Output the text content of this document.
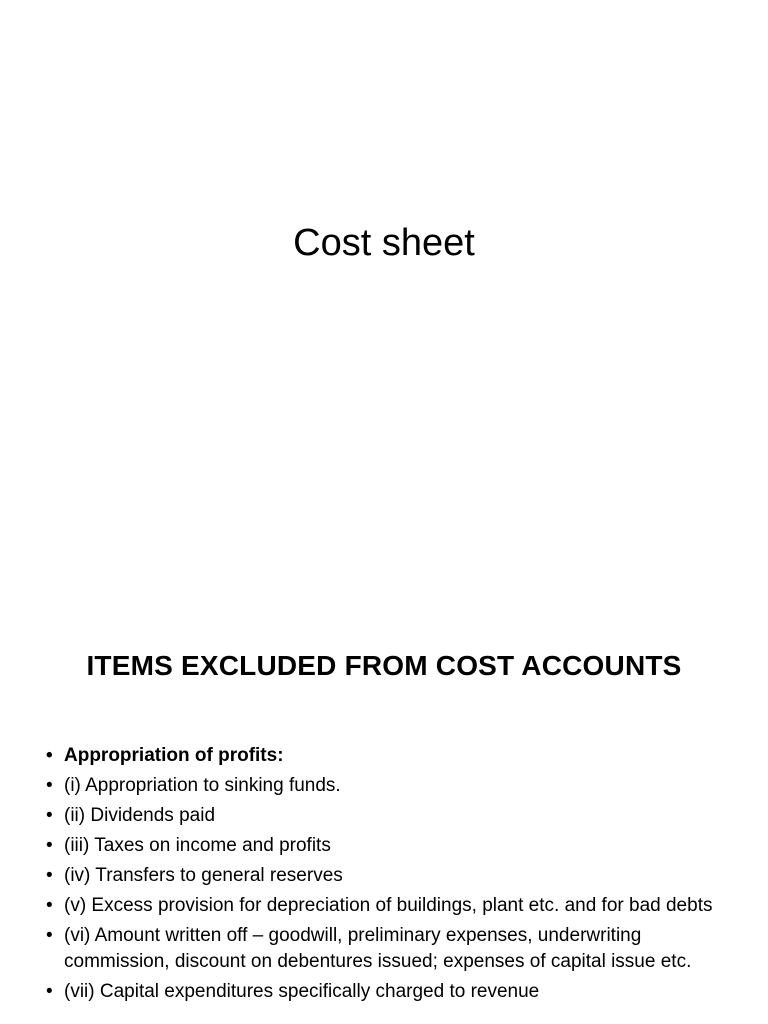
Cost sheet
ITEMS EXCLUDED FROM COST ACCOUNTS
• Appropriation of profits:
• (i) Appropriation to sinking funds.
• (ii) Dividends paid
• (iii) Taxes on income and profits
• (iv) Transfers to general reserves
• (v) Excess provision for depreciation of buildings, plant etc. and for bad debts
• (vi) Amount written off – goodwill, preliminary expenses, underwriting commission, discount on debentures issued; expenses of capital issue etc.
• (vii) Capital expenditures specifically charged to revenue
